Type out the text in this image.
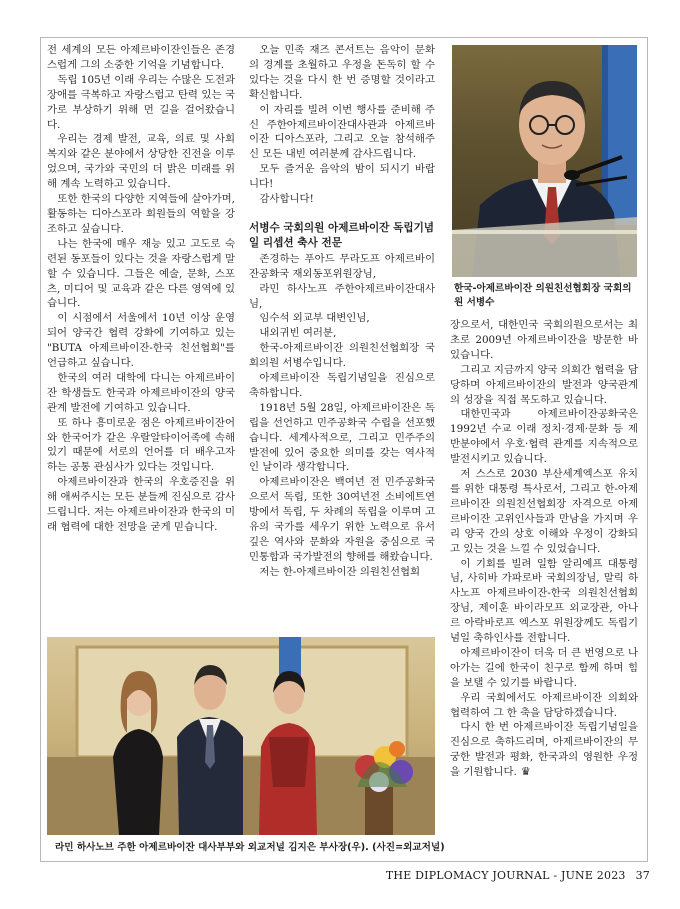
전 세계의 모든 아제르바이잔인들은 존경스럽게 그의 소중한 기억을 기념합니다.

독립 105년 이래 우리는 수많은 도전과 장애를 극복하고 자랑스럽고 탄력 있는 국가로 부상하기 위해 먼 길을 걸어왔습니다.

우리는 경제 발전, 교육, 의료 및 사회 복지와 같은 분야에서 상당한 진전을 이루었으며, 국가와 국민의 더 밝은 미래를 위해 계속 노력하고 있습니다.

또한 한국의 다양한 지역들에 살아가며, 활동하는 디아스포라 회원들의 역할을 강조하고 싶습니다.

나는 한국에 매우 재능 있고 고도로 숙련된 동포들이 있다는 것을 자랑스럽게 말할 수 있습니다. 그들은 예술, 문화, 스포츠, 미디어 및 교육과 같은 다른 영역에 있습니다.

이 시점에서 서울에서 10년 이상 운영되어 양국간 협력 강화에 기여하고 있는 "BUTA 아제르바이잔-한국 친선협회"를 언급하고 싶습니다.

한국의 여러 대학에 다니는 아제르바이잔 학생들도 한국과 아제르바이잔의 양국관계 발전에 기여하고 있습니다.

또 하나 흥미로운 점은 아제르바이잔어와 한국어가 같은 우랄알타이어족에 속해 있기 때문에 서로의 언어를 더 배우고자 하는 공통 관심사가 있다는 것입니다.

아제르바이잔과 한국의 우호증진을 위해 애써주시는 모든 분들께 진심으로 감사드립니다. 저는 아제르바이잔과 한국의 미래 협력에 대한 전망을 굳게 믿습니다.

오늘 민족 재즈 콘서트는 음악이 문화의 경계를 초월하고 우정을 돈독히 할 수 있다는 것을 다시 한 번 증명할 것이라고 확신합니다.

이 자리를 빌려 이번 행사를 준비해 주신 주한아제르바이잔대사관과 아제르바이잔 디아스포라, 그리고 오늘 참석해주신 모든 내빈 여러분께 감사드립니다.

모두 즐거운 음악의 밤이 되시기 바랍니다!

감사합니다!

서병수 국회의원 아제르바이잔 독립기념일 리셉션 축사 전문

존경하는 푸아드 무라도프 아제르바이잔공화국 재외동포위원장님,

라민 하사노프 주한아제르바이잔대사님,

임수석 외교부 대변인님,

내외귀빈 여러분,

한국-아제르바이잔 의원친선협회장 국회의원 서병수입니다.

아제르바이잔 독립기념일을 진심으로 축하합니다.

1918년 5월 28일, 아제르바이잔은 독립을 선언하고 민주공화국 수립을 선포했습니다. 세계사적으로, 그리고 민주주의 발전에 있어 중요한 의미를 갖는 역사적인 날이라 생각합니다.

아제르바이잔은 백여년 전 민주공화국으로서 독립, 또한 30여년전 소비에트연방에서 독립, 두 차례의 독립을 이루며 고유의 국가를 세우기 위한 노력으로 유서 깊은 역사와 문화와 자원을 중심으로 국민통합과 국가발전의 향해를 해왔습니다.

저는 한-아제르바이잔 의원친선협회

한국-아제르바이잔 의원친선협회장 국회의원 서병수

장으로서, 대한민국 국회의원으로서는 최초로 2009년 아제르바이잔을 방문한 바 있습니다.

그리고 지금까지 양국 의회간 협력을 담당하며 아제르바이잔의 발전과 양국관계의 성장을 직접 목도하고 있습니다.

대한민국과 아제르바이잔공화국은 1992년 수교 이래 정치·경제·문화 등 제반분야에서 우호·협력 관계를 지속적으로 발전시키고 있습니다.

저 스스로 2030 부산세계엑스포 유치를 위한 대통령 특사로서, 그리고 한-아제르바이잔 의원친선협회장 자격으로 아제르바이잔 고위인사들과 만남을 가지며 우리 양국 간의 상호 이해와 우정이 강화되고 있는 것을 느낄 수 있었습니다.

이 기회를 빌려 일함 알리예프 대통령님, 사히바 가파로바 국회의장님, 말릭 하사노프 아제르바이잔-한국 의원친선협회장님, 제이훈 바이라모프 외교장관, 아나르 아락바로프 엑스포 위원장께도 독립기념일 축하인사를 전합니다.

아제르바이잔이 더욱 더 큰 번영으로 나아가는 길에 한국이 친구로 함께 하며 힘을 보탤 수 있기를 바랍니다.

우리 국회에서도 아제르바이잔 의회와 협력하여 그 한 축을 담당하겠습니다.

다시 한 번 아제르바이잔 독립기념일을 진심으로 축하드리며, 아제르바이잔의 무궁한 발전과 평화, 한국과의 영원한 우정을 기원합니다. ♛

라민 하사노브 주한 아제르바이잔 대사부부와 외교저널 김지은 부사장(우). (사진=외교저널)
THE DIPLOMACY JOURNAL - JUNE 2023 37
